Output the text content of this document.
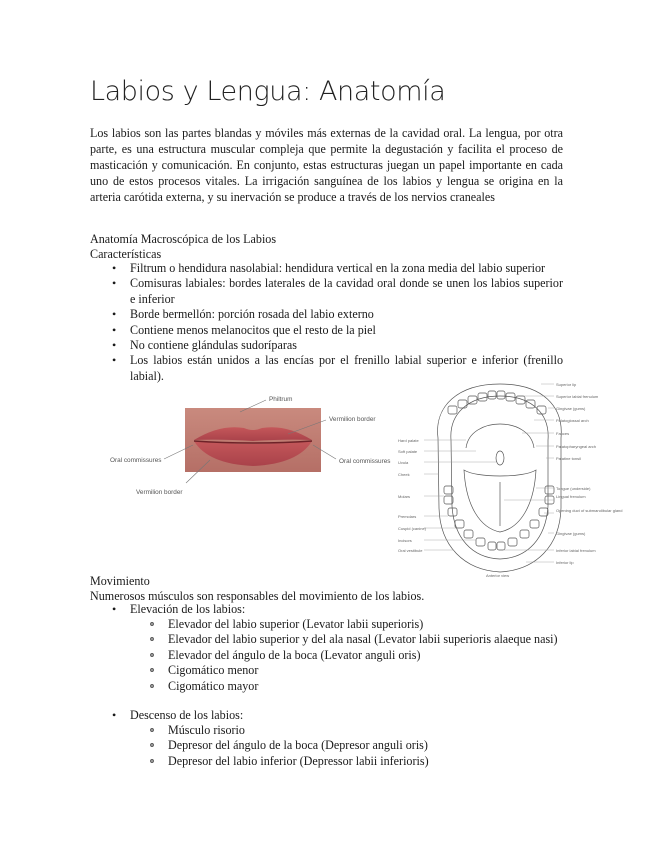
Labios y Lengua: Anatomía

Los labios son las partes blandas y móviles más externas de la cavidad oral. La lengua, por otra parte, es una estructura muscular compleja que permite la degustación y facilita el proceso de masticación y comunicación. En conjunto, estas estructuras juegan un papel importante en cada uno de estos procesos vitales. La irrigación sanguínea de los labios y lengua se origina en la arteria carótida externa, y su inervación se produce a través de los nervios craneales

Anatomía Macroscópica de los Labios

Características

• Filtrum o hendidura nasolabial: hendidura vertical en la zona media del labio superior
• Comisuras labiales: bordes laterales de la cavidad oral donde se unen los labios superior e inferior
• Borde bermellón: porción rosada del labio externo
• Contiene menos melanocitos que el resto de la piel
• No contiene glándulas sudoríparas
• Los labios están unidos a las encías por el frenillo labial superior e inferior (frenillo labial).
Philtrum
Vermilion border
Oral commissures	Oral commissures
Vermilion border
Superior lip
Superior labial frenulum
Gingivae (gums)
Palatoglossal arch
Fauces
Palatopharyngeal arch
Palatine tonsil
Tongue (underside)
Lingual frenulum
Opening duct of submandibular gland
Gingivae (gums)
Inferior labial frenulum
Inferior lip
Hard palate
Soft palate
Uvula
Cheek
Molars
Premolars
Cuspid (canine)
Incisors
Oral vestibule
Anterior view

Movimiento

Numerosos músculos son responsables del movimiento de los labios.

• Elevación de los labios:
o Elevador del labio superior (Levator labii superioris)
o Elevador del labio superior y del ala nasal (Levator labii superioris alaeque nasi)
o Elevador del ángulo de la boca (Levator anguli oris)
o Cigomático menor
o Cigomático mayor
• Descenso de los labios:
o Músculo risorio
o Depresor del ángulo de la boca (Depresor anguli oris)
o Depresor del labio inferior (Depressor labii inferioris)
